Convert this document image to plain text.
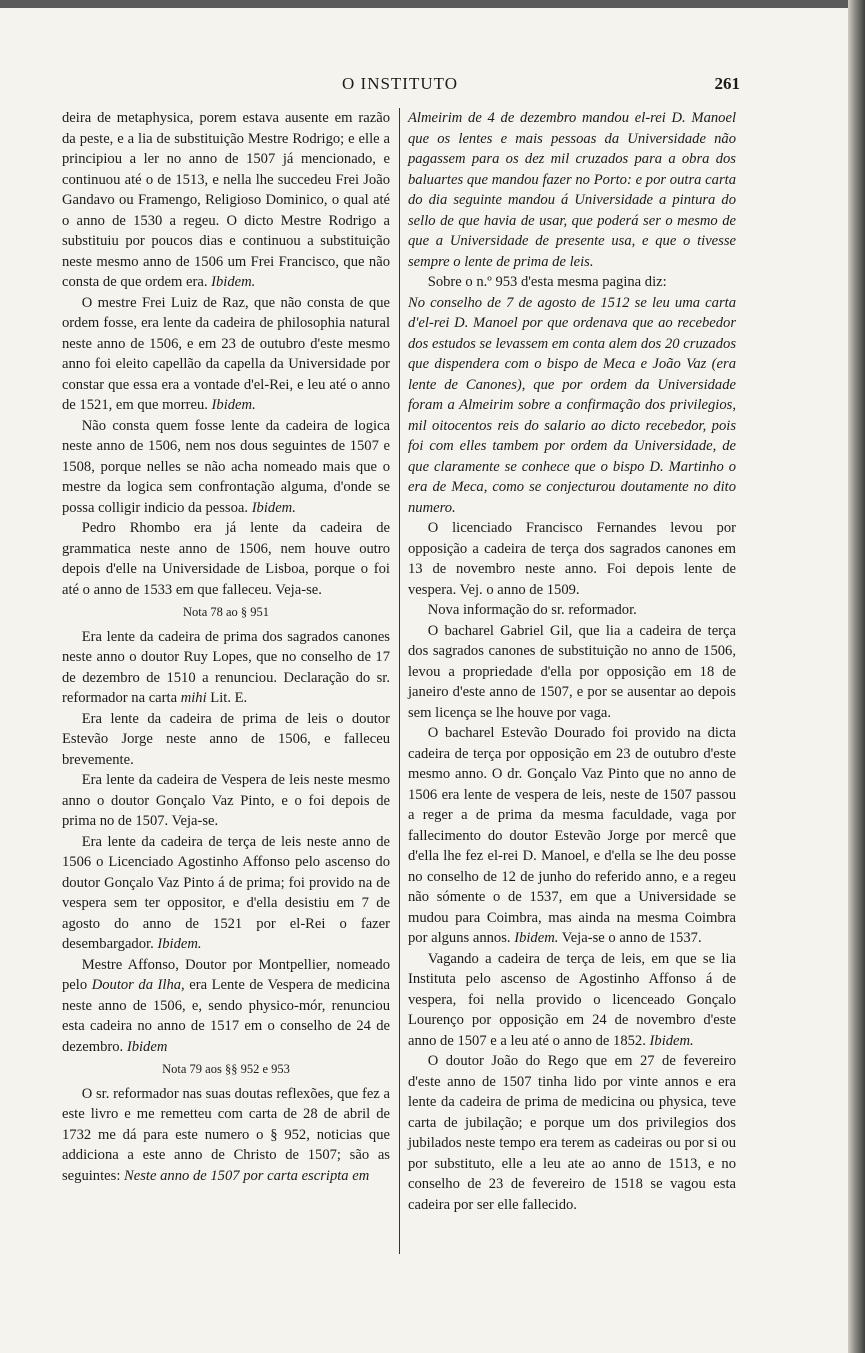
O INSTITUTO	261

deira de metaphysica, porem estava ausente em razão da peste, e a lia de substituição Mestre Rodrigo; e elle a principiou a ler no anno de 1507 já mencionado, e continuou até o de 1513, e nella lhe succedeu Frei João Gandavo ou Framengo, Religioso Dominico, o qual até o anno de 1530 a regeu. O dicto Mestre Rodrigo a substituiu por poucos dias e continuou a substituição neste mesmo anno de 1506 um Frei Francisco, que não consta de que ordem era. Ibidem.

O mestre Frei Luiz de Raz, que não consta de que ordem fosse, era lente da cadeira de philosophia natural neste anno de 1506, e em 23 de outubro d'este mesmo anno foi eleito capellão da capella da Universidade por constar que essa era a vontade d'el-Rei, e leu até o anno de 1521, em que morreu. Ibidem.

Não consta quem fosse lente da cadeira de logica neste anno de 1506, nem nos dous seguintes de 1507 e 1508, porque nelles se não acha nomeado mais que o mestre da logica sem confrontação alguma, d'onde se possa colligir indicio da pessoa. Ibidem.

Pedro Rhombo era já lente da cadeira de grammatica neste anno de 1506, nem houve outro depois d'elle na Universidade de Lisboa, porque o foi até o anno de 1533 em que falleceu. Veja-se.

Nota 78 ao § 951

Era lente da cadeira de prima dos sagrados canones neste anno o doutor Ruy Lopes, que no conselho de 17 de dezembro de 1510 a renunciou. Declaração do sr. reformador na carta mihi Lit. E.

Era lente da cadeira de prima de leis o doutor Estevão Jorge neste anno de 1506, e falleceu brevemente.

Era lente da cadeira de Vespera de leis neste mesmo anno o doutor Gonçalo Vaz Pinto, e o foi depois de prima no de 1507. Veja-se.

Era lente da cadeira de terça de leis neste anno de 1506 o Licenciado Agostinho Affonso pelo ascenso do doutor Gonçalo Vaz Pinto á de prima; foi provido na de vespera sem ter oppositor, e d'ella desistiu em 7 de agosto do anno de 1521 por el-Rei o fazer desembargador. Ibidem.

Mestre Affonso, Doutor por Montpellier, nomeado pelo Doutor da Ilha, era Lente de Vespera de medicina neste anno de 1506, e, sendo physico-mór, renunciou esta cadeira no anno de 1517 em o conselho de 24 de dezembro. Ibidem

Nota 79 aos §§ 952 e 953

O sr. reformador nas suas doutas reflexões, que fez a este livro e me remetteu com carta de 28 de abril de 1732 me dá para este numero o § 952, noticias que addiciona a este anno de Christo de 1507; são as seguintes: Neste anno de 1507 por carta escripta em

Almeirim de 4 de dezembro mandou el-rei D. Manoel que os lentes e mais pessoas da Universidade não pagassem para os dez mil cruzados para a obra dos baluartes que mandou fazer no Porto: e por outra carta do dia seguinte mandou á Universidade a pintura do sello de que havia de usar, que poderá ser o mesmo de que a Universidade de presente usa, e que o tivesse sempre o lente de prima de leis.

Sobre o n.º 953 d'esta mesma pagina diz:

No conselho de 7 de agosto de 1512 se leu uma carta d'el-rei D. Manoel por que ordenava que ao recebedor dos estudos se levassem em conta alem dos 20 cruzados que dispendera com o bispo de Meca e João Vaz (era lente de Canones), que por ordem da Universidade foram a Almeirim sobre a confirmação dos privilegios, mil oitocentos reis do salario ao dicto recebedor, pois foi com elles tambem por ordem da Universidade, de que claramente se conhece que o bispo D. Martinho o era de Meca, como se conjecturou doutamente no dito numero.

O licenciado Francisco Fernandes levou por opposição a cadeira de terça dos sagrados canones em 13 de novembro neste anno. Foi depois lente de vespera. Vej. o anno de 1509.

Nova informação do sr. reformador.

O bacharel Gabriel Gil, que lia a cadeira de terça dos sagrados canones de substituição no anno de 1506, levou a propriedade d'ella por opposição em 18 de janeiro d'este anno de 1507, e por se ausentar ao depois sem licença se lhe houve por vaga.

O bacharel Estevão Dourado foi provido na dicta cadeira de terça por opposição em 23 de outubro d'este mesmo anno. O dr. Gonçalo Vaz Pinto que no anno de 1506 era lente de vespera de leis, neste de 1507 passou a reger a de prima da mesma faculdade, vaga por fallecimento do doutor Estevão Jorge por mercê que d'ella lhe fez el-rei D. Manoel, e d'ella se lhe deu posse no conselho de 12 de junho do referido anno, e a regeu não sómente o de 1537, em que a Universidade se mudou para Coimbra, mas ainda na mesma Coimbra por alguns annos. Ibidem. Veja-se o anno de 1537.

Vagando a cadeira de terça de leis, em que se lia Instituta pelo ascenso de Agostinho Affonso á de vespera, foi nella provido o licenceado Gonçalo Lourenço por opposição em 24 de novembro d'este anno de 1507 e a leu até o anno de 1852. Ibidem.

O doutor João do Rego que em 27 de fevereiro d'este anno de 1507 tinha lido por vinte annos e era lente da cadeira de prima de medicina ou physica, teve carta de jubilação; e porque um dos privilegios dos jubilados neste tempo era terem as cadeiras ou por si ou por substituto, elle a leu ate ao anno de 1513, e no conselho de 23 de fevereiro de 1518 se vagou esta cadeira por ser elle fallecido.
